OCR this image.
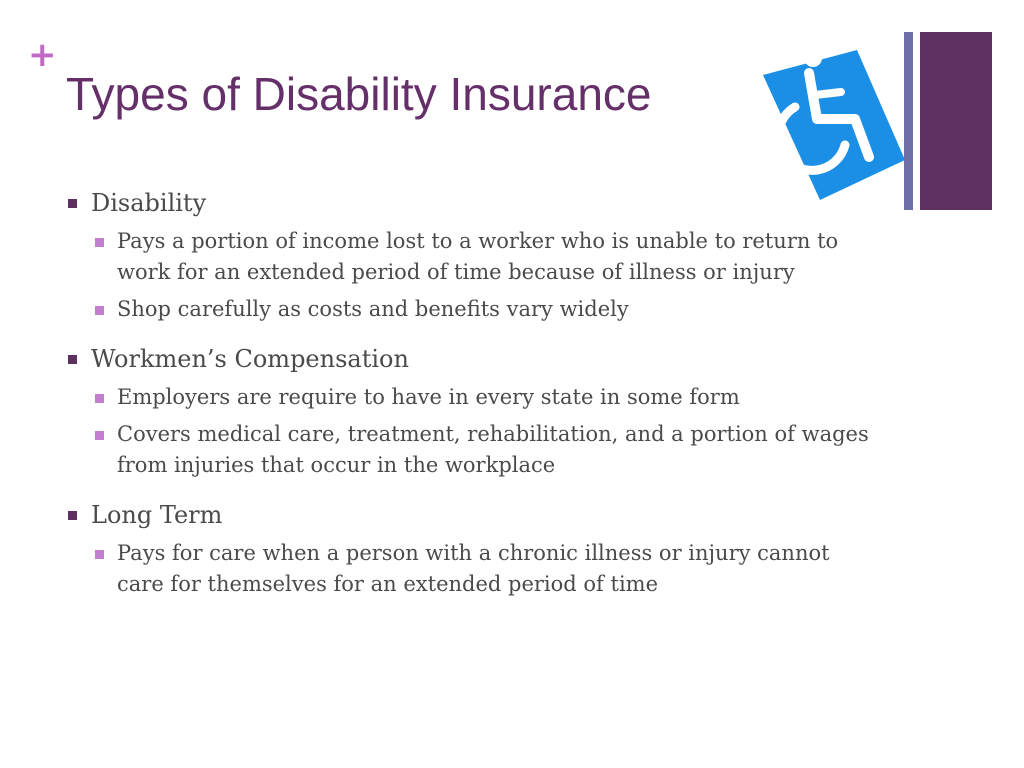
+
Types of Disability Insurance
Disability
Pays a portion of income lost to a worker who is unable to return to work for an extended period of time because of illness or injury
Shop carefully as costs and benefits vary widely
Workmen’s Compensation
Employers are require to have in every state in some form
Covers medical care, treatment, rehabilitation, and a portion of wages from injuries that occur in the workplace
Long Term
Pays for care when a person with a chronic illness or injury cannot care for themselves for an extended period of time
